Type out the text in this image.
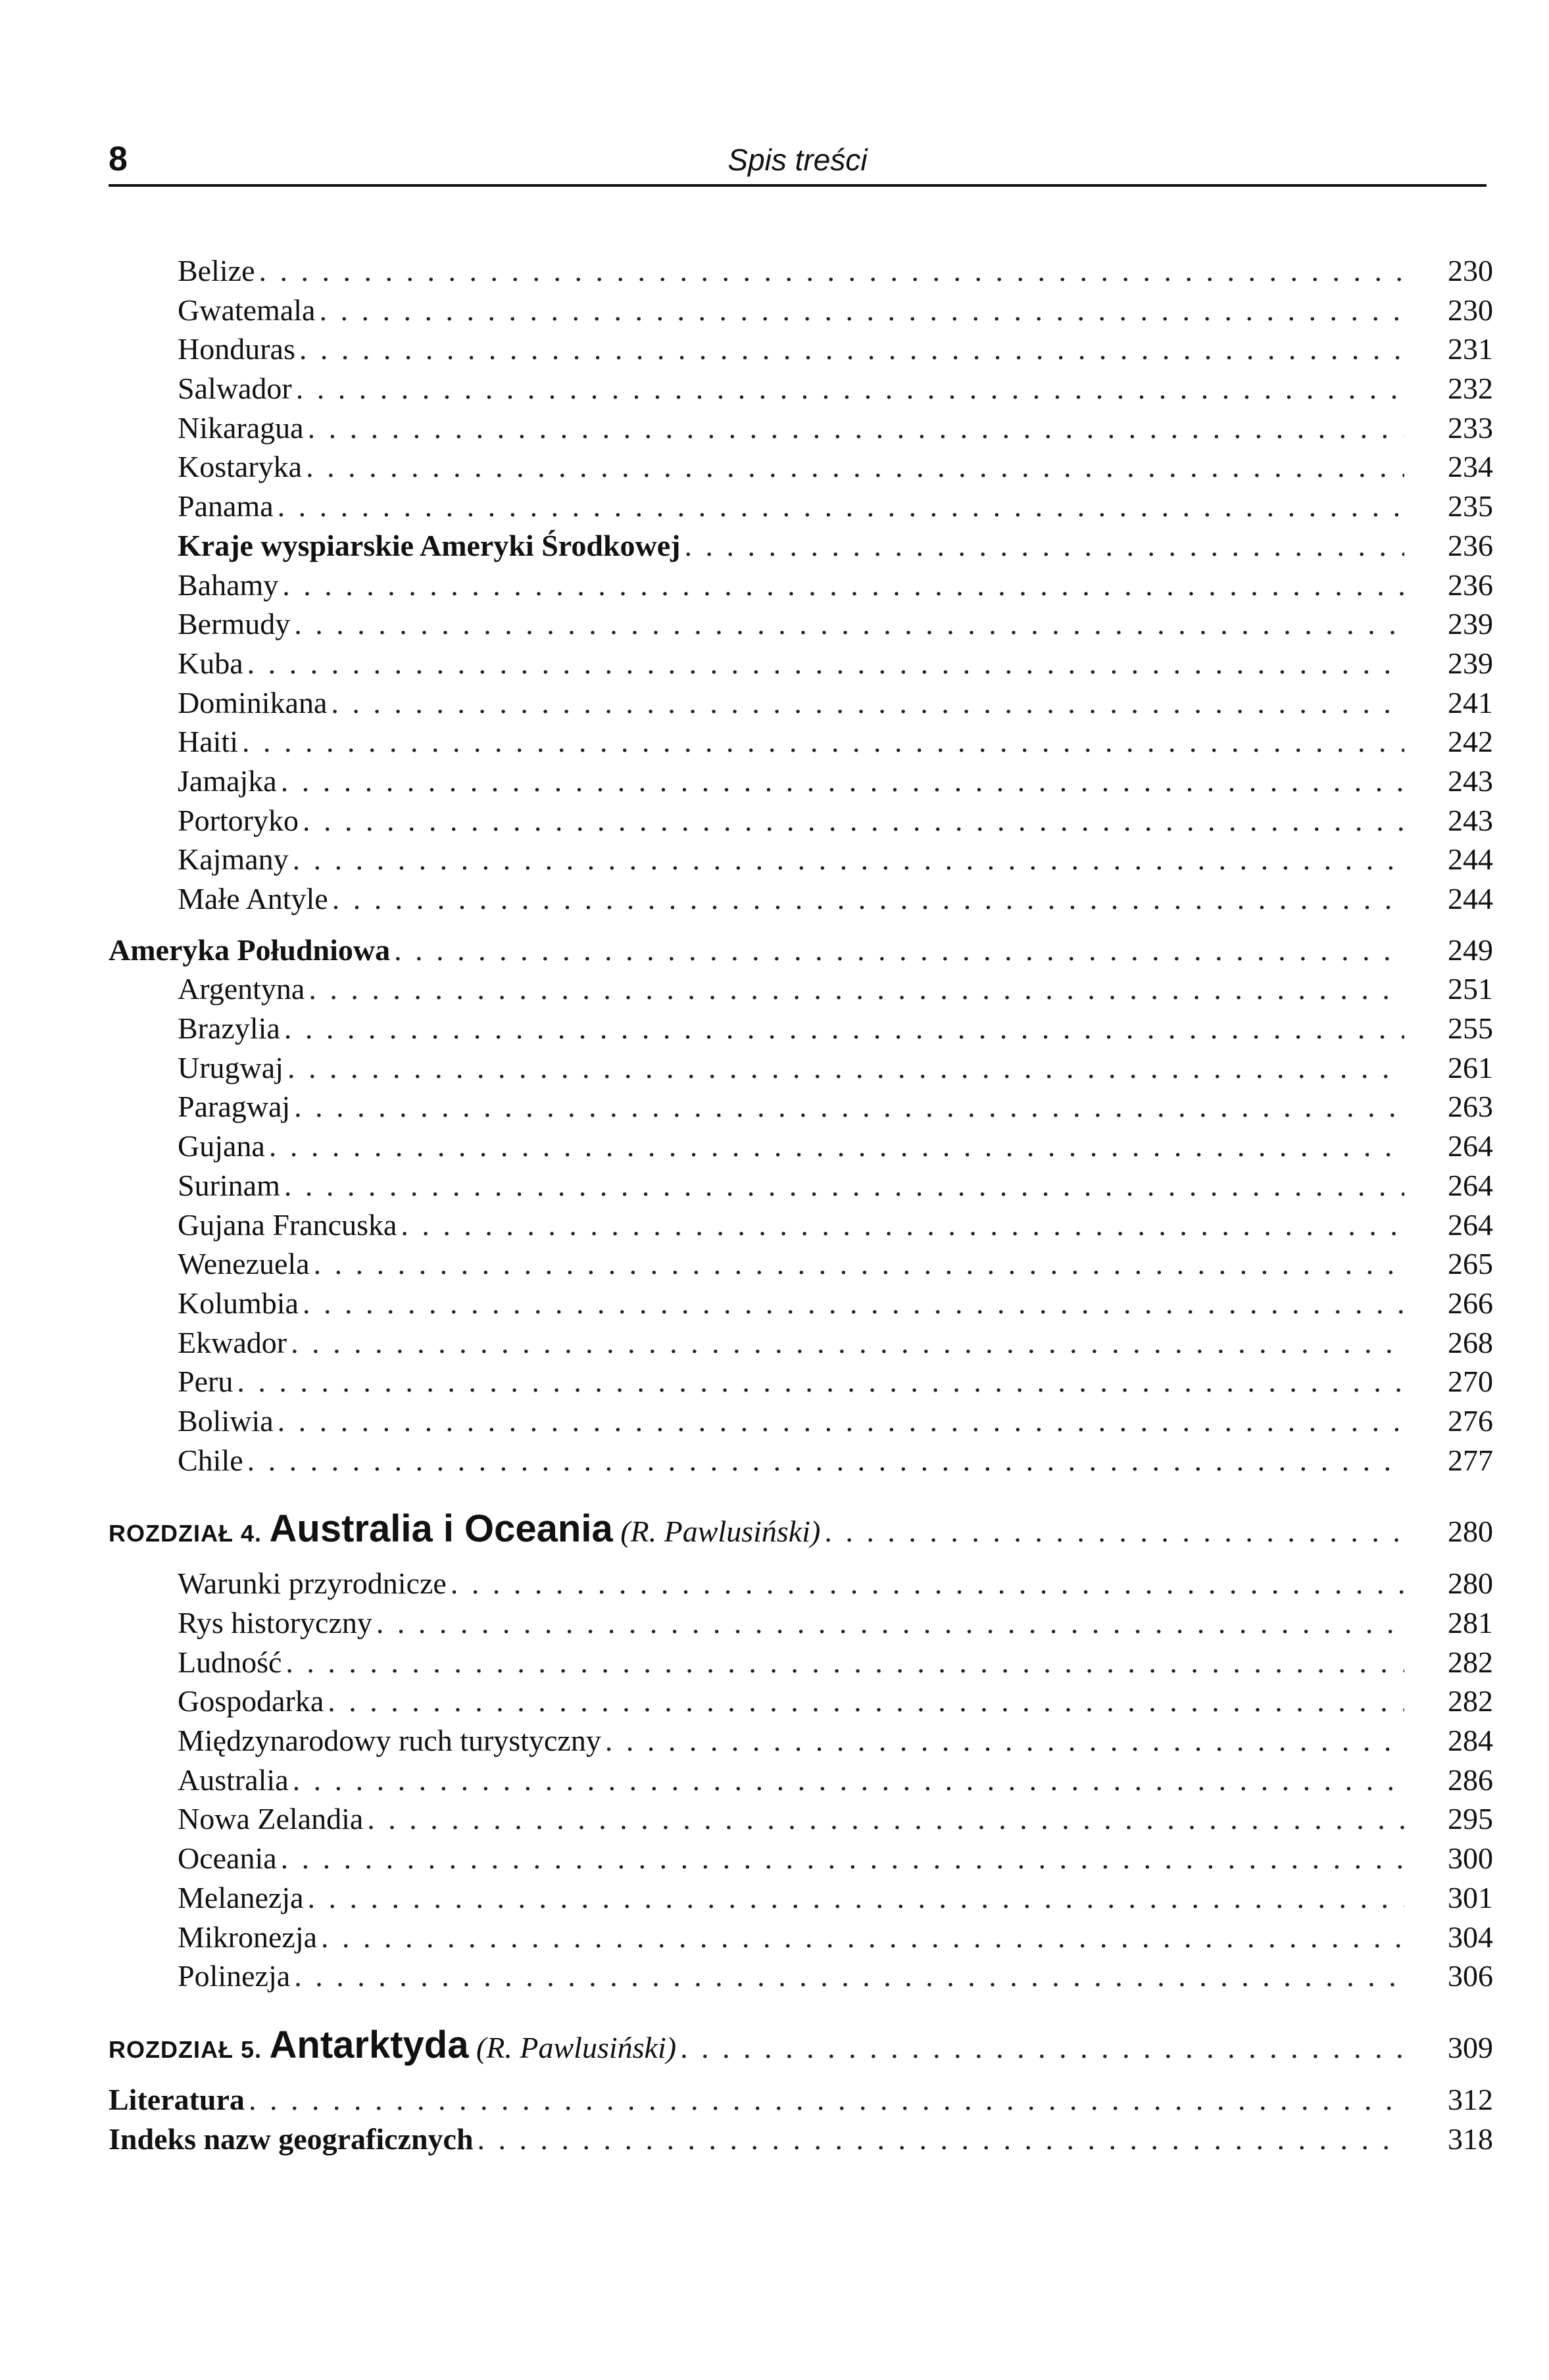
8	Spis treści
Belize . . .	230
Gwatemala . . .	230
Honduras . . .	231
Salwador . . .	232
Nikaragua . . .	233
Kostaryka . . .	234
Panama . . .	235
Kraje wyspiarskie Ameryki Środkowej . . .	236
Bahamy . . .	236
Bermudy . . .	239
Kuba . . .	239
Dominikana . . .	241
Haiti . . .	242
Jamajka . . .	243
Portoryko . . .	243
Kajmany . . .	244
Małe Antyle . . .	244
Ameryka Południowa . . .	249
Argentyna . . .	251
Brazylia . . .	255
Urugwaj . . .	261
Paragwaj . . .	263
Gujana . . .	264
Surinam . . .	264
Gujana Francuska . . .	264
Wenezuela . . .	265
Kolumbia . . .	266
Ekwador . . .	268
Peru . . .	270
Boliwia . . .	276
Chile . . .	277
ROZDZIAŁ 4. Australia i Oceania (R. Pawlusiński) . . .	280
Warunki przyrodnicze . . .	280
Rys historyczny . . .	281
Ludność . . .	282
Gospodarka . . .	282
Międzynarodowy ruch turystyczny . . .	284
Australia . . .	286
Nowa Zelandia . . .	295
Oceania . . .	300
Melanezja . . .	301
Mikronezja . . .	304
Polinezja . . .	306
ROZDZIAŁ 5. Antarktyda (R. Pawlusiński) . . .	309
Literatura . . .	312
Indeks nazw geograficznych . . .	318
